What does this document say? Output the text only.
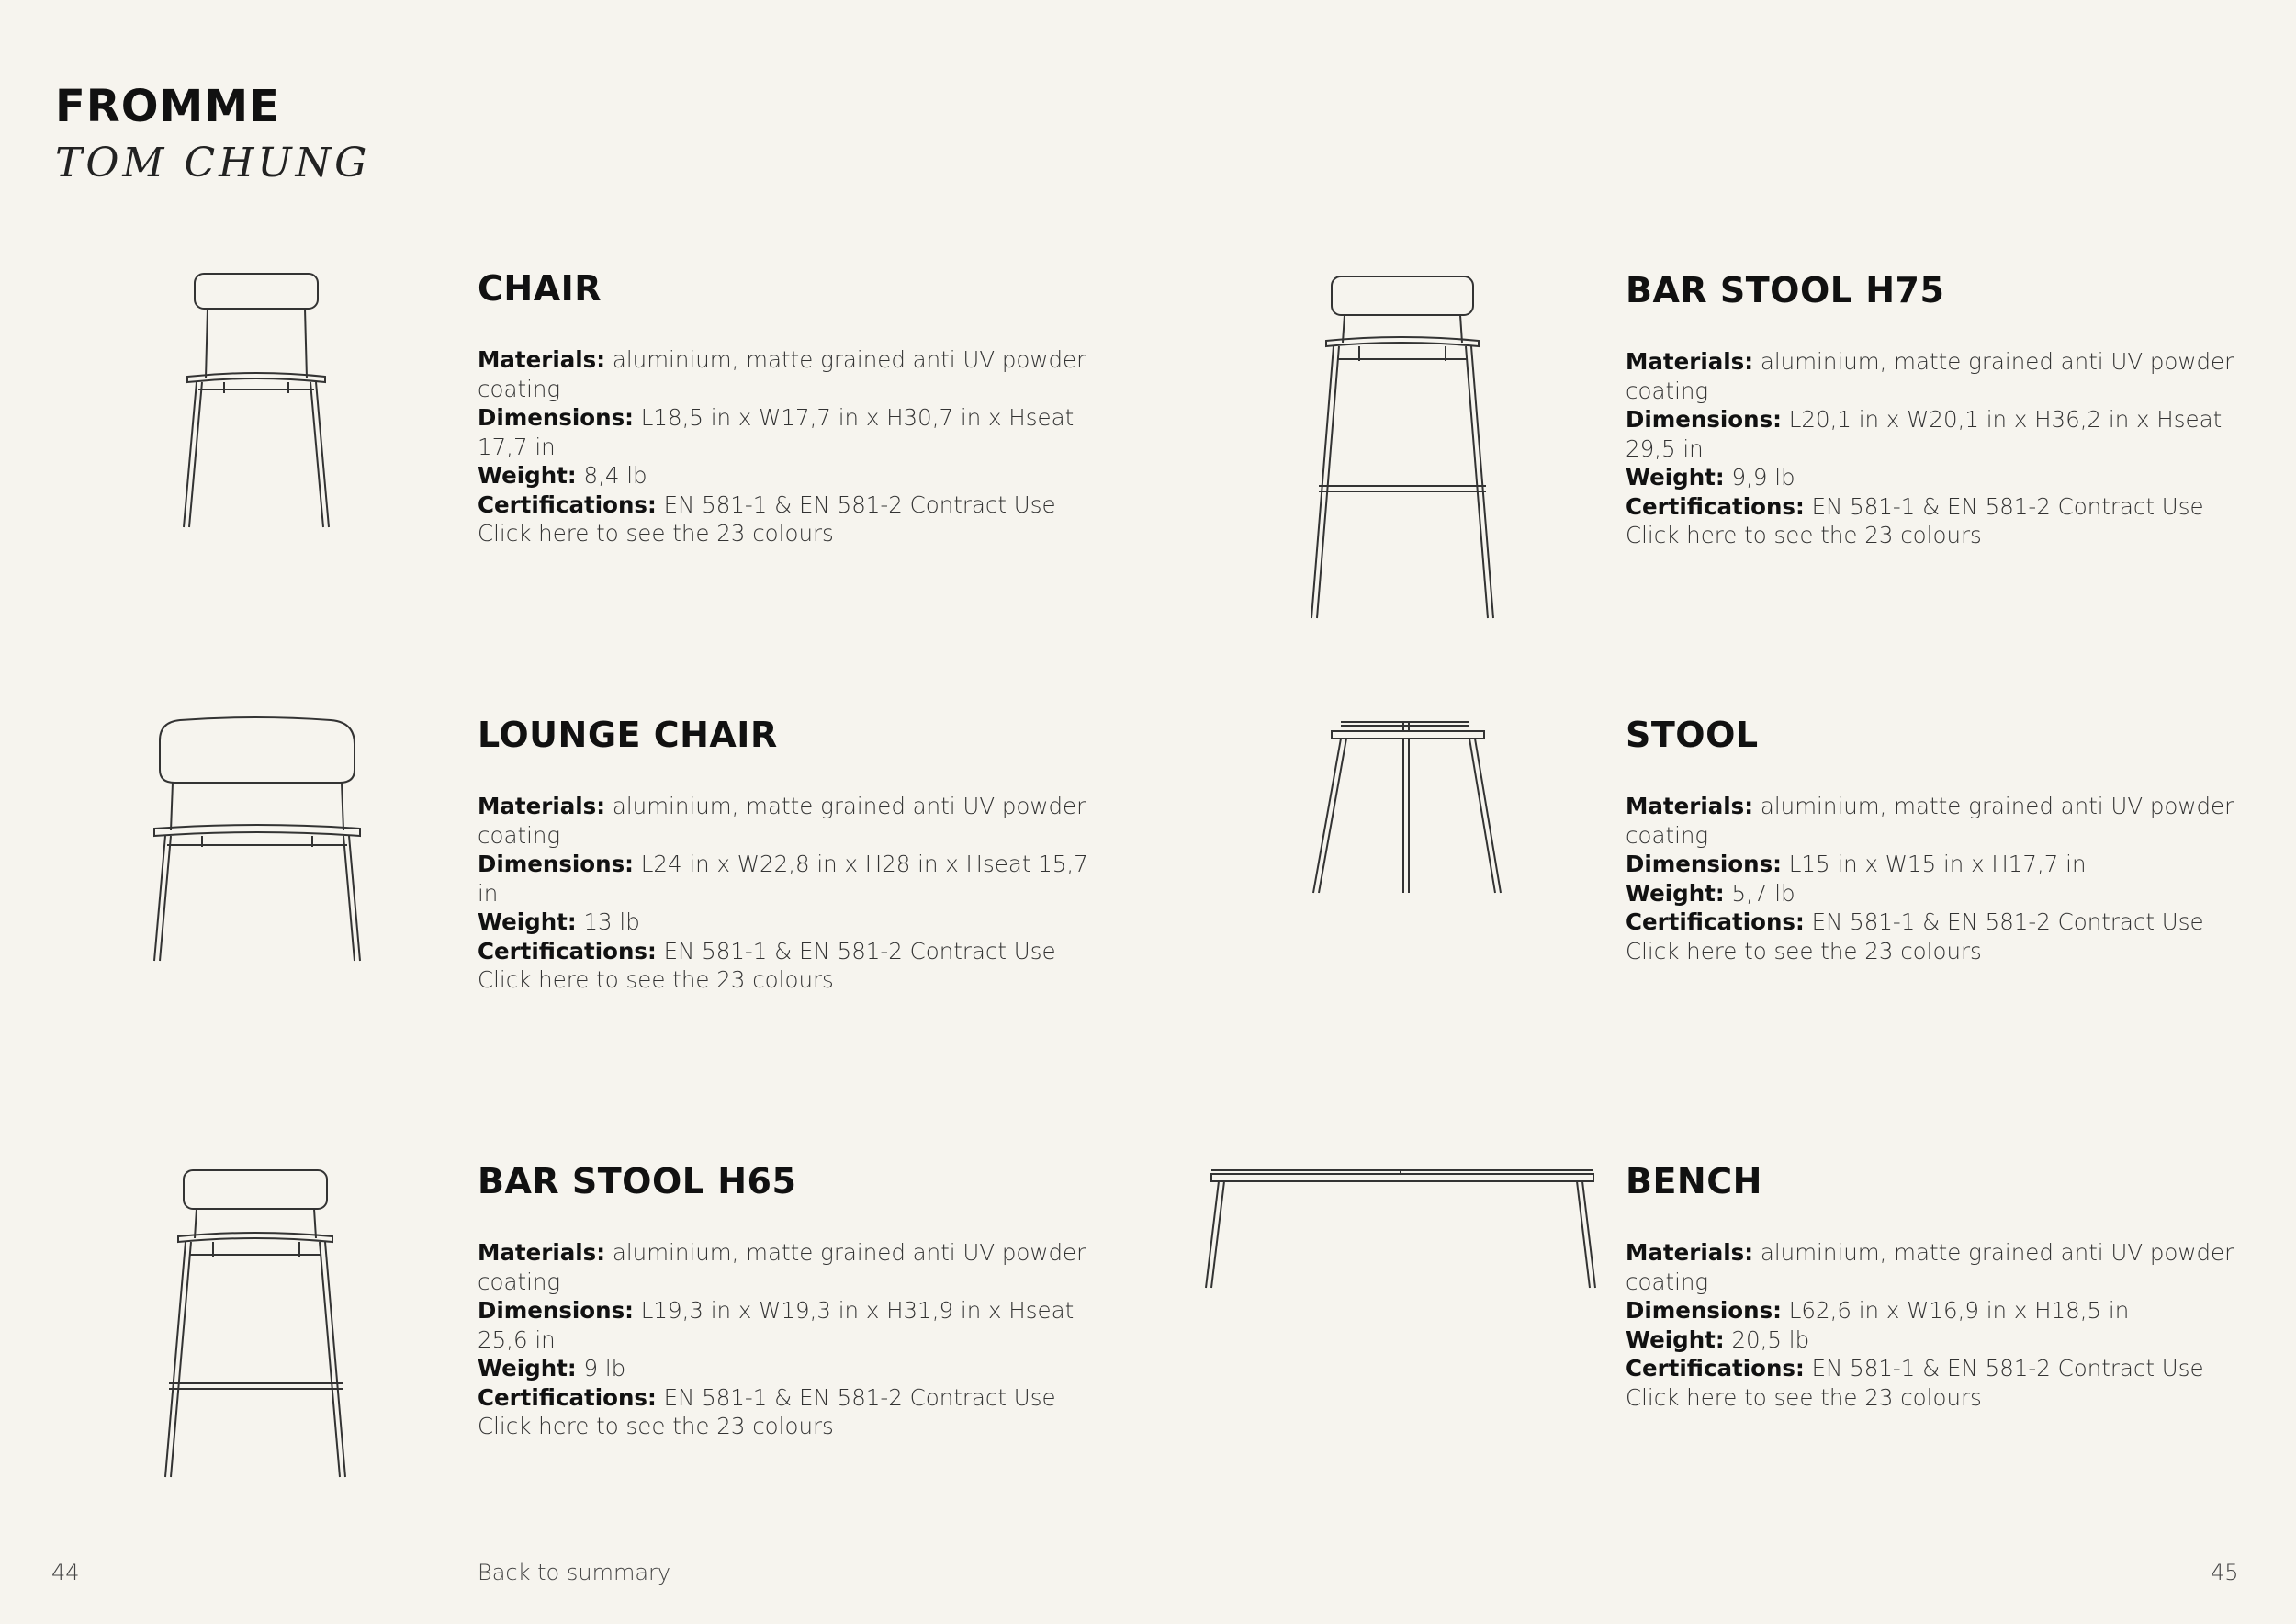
FROMME
TOM CHUNG
CHAIR
Materials: aluminium, matte grained anti UV powder coating
Dimensions: L18,5 in x W17,7 in x H30,7 in x Hseat 17,7 in
Weight: 8,4 lb
Certifications: EN 581-1 & EN 581-2 Contract Use
Click here to see the 23 colours
BAR STOOL H75
Materials: aluminium, matte grained anti UV powder coating
Dimensions: L20,1 in x W20,1 in x H36,2 in x Hseat 29,5 in
Weight: 9,9 lb
Certifications: EN 581-1 & EN 581-2 Contract Use
Click here to see the 23 colours
LOUNGE CHAIR
Materials: aluminium, matte grained anti UV powder coating
Dimensions: L24 in x W22,8 in x H28 in x Hseat 15,7 in
Weight: 13 lb
Certifications: EN 581-1 & EN 581-2 Contract Use
Click here to see the 23 colours
STOOL
Materials: aluminium, matte grained anti UV powder coating
Dimensions: L15 in x W15 in x H17,7 in
Weight: 5,7 lb
Certifications: EN 581-1 & EN 581-2 Contract Use
Click here to see the 23 colours
BAR STOOL H65
Materials: aluminium, matte grained anti UV powder coating
Dimensions: L19,3 in x W19,3 in x H31,9 in x Hseat 25,6 in
Weight: 9 lb
Certifications: EN 581-1 & EN 581-2 Contract Use
Click here to see the 23 colours
BENCH
Materials: aluminium, matte grained anti UV powder coating
Dimensions: L62,6 in x W16,9 in x H18,5 in
Weight: 20,5 lb
Certifications: EN 581-1 & EN 581-2 Contract Use
Click here to see the 23 colours
44	Back to summary	45
